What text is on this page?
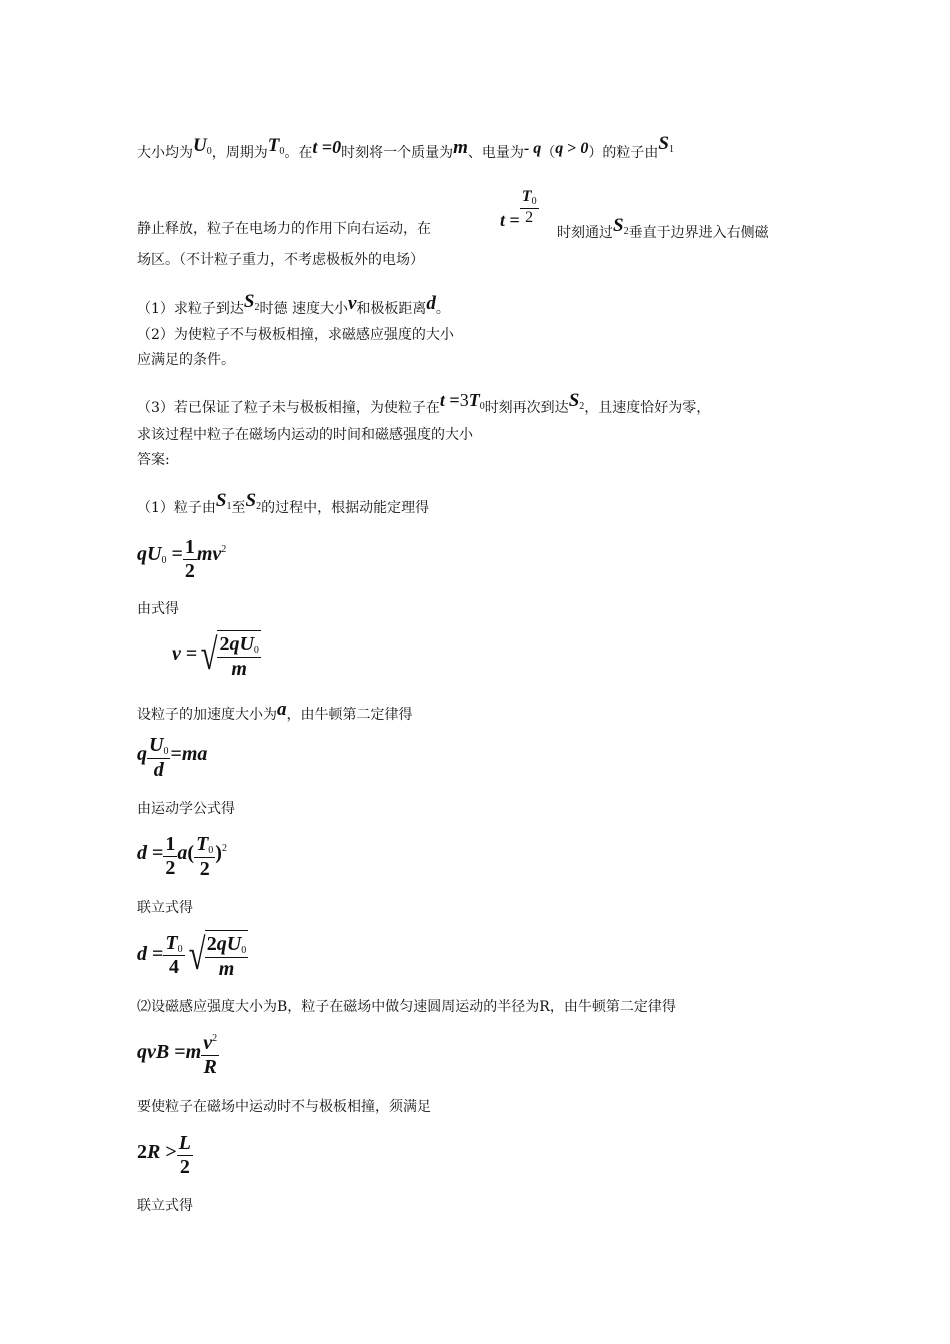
大小均为$U_0$，周期为$T_0$。在t =0时刻将一个质量为m、电量为- q（q > 0）的粒子由$S_1$
静止释放，粒子在电场力的作用下向右运动，在	$t = \frac{T_0}{2}$
时刻通过$S_2$垂直于边界进入右侧磁
场区。（不计粒子重力，不考虑极板外的电场）
（1）求粒子到达$S_2$时德 速度大小v和极板距离d。
（2）为使粒子不与极板相撞，求磁感应强度的大小
应满足的条件。
（3）若已保证了粒子未与极板相撞，为使粒子在$t =3T_0$时刻再次到达$S_2$，且速度恰好为零，
求该过程中粒子在磁场内运动的时间和磁感强度的大小
答案:
（1）粒子由$S_1$至$S_2$的过程中，根据动能定理得
$qU_0 = \frac{1}{2} mv^2$
由式得
v =√ $\frac{2qU_0}{m}$
设粒子的加速度大小为a，由牛顿第二定律得
q $\frac{U_0}{d} =ma$
由运动学公式得
$d = \frac{1}{2} a( \frac{T_0}{2} )^2$
联立式得
$d = \frac{T_0}{4}$ √ $\frac{2qU_0}{m}$
⑵设磁感应强度大小为B，粒子在磁场中做匀速圆周运动的半径为R，由牛顿第二定律得
qvB $=m \frac{v^2}{R}$
要使粒子在磁场中运动时不与极板相撞，须满足
$2R > \frac{L}{2}$
联立式得
